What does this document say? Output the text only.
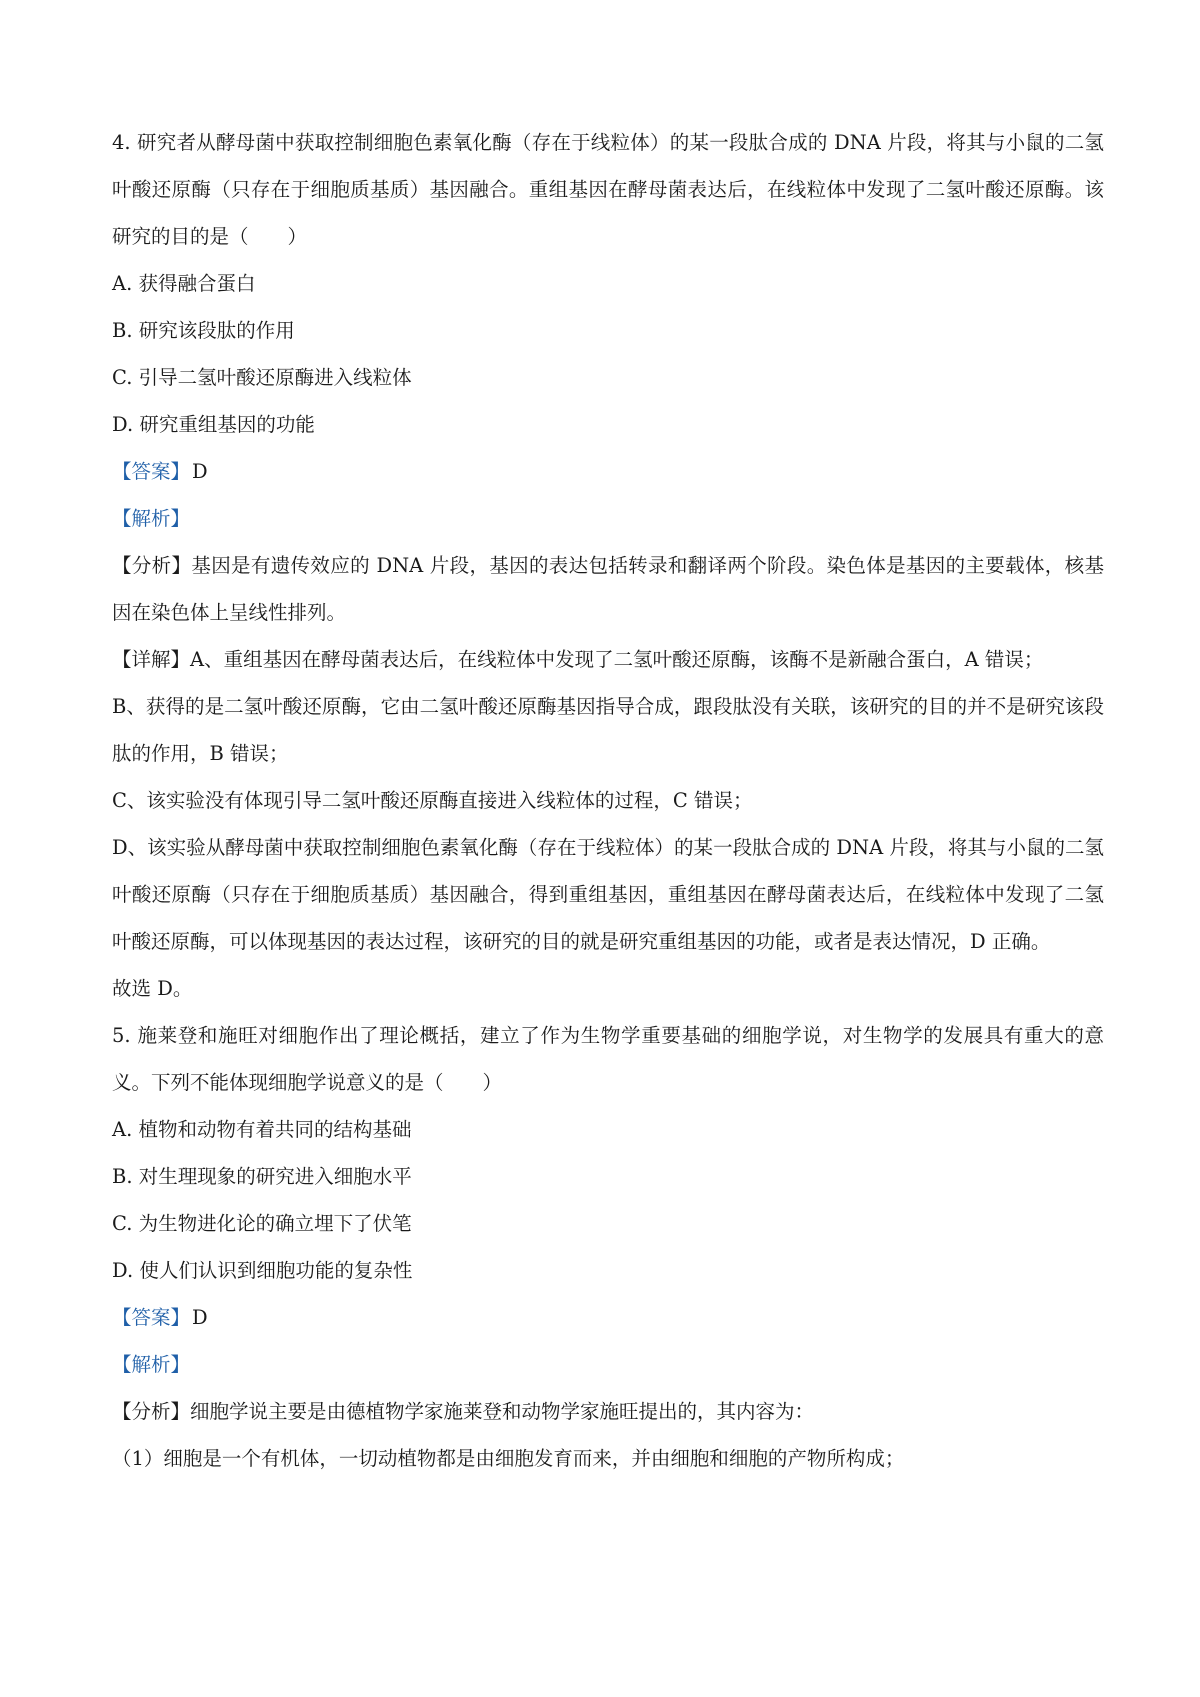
4. 研究者从酵母菌中获取控制细胞色素氧化酶（存在于线粒体）的某一段肽合成的 DNA 片段，将其与小鼠的二氢叶酸还原酶（只存在于细胞质基质）基因融合。重组基因在酵母菌表达后，在线粒体中发现了二氢叶酸还原酶。该研究的目的是（　　）
A. 获得融合蛋白
B. 研究该段肽的作用
C. 引导二氢叶酸还原酶进入线粒体
D. 研究重组基因的功能
【答案】 D
【解析】
【分析】基因是有遗传效应的 DNA 片段，基因的表达包括转录和翻译两个阶段。染色体是基因的主要载体，核基因在染色体上呈线性排列。
【详解】A、重组基因在酵母菌表达后，在线粒体中发现了二氢叶酸还原酶，该酶不是新融合蛋白，A 错误；
B、获得的是二氢叶酸还原酶，它由二氢叶酸还原酶基因指导合成，跟段肽没有关联，该研究的目的并不是研究该段肽的作用，B 错误；
C、该实验没有体现引导二氢叶酸还原酶直接进入线粒体的过程，C 错误；
D、该实验从酵母菌中获取控制细胞色素氧化酶（存在于线粒体）的某一段肽合成的 DNA 片段，将其与小鼠的二氢叶酸还原酶（只存在于细胞质基质）基因融合，得到重组基因，重组基因在酵母菌表达后，在线粒体中发现了二氢叶酸还原酶，可以体现基因的表达过程，该研究的目的就是研究重组基因的功能，或者是表达情况，D 正确。
故选 D。
5. 施莱登和施旺对细胞作出了理论概括，建立了作为生物学重要基础的细胞学说，对生物学的发展具有重大的意义。下列不能体现细胞学说意义的是（　　）
A. 植物和动物有着共同的结构基础
B. 对生理现象的研究进入细胞水平
C. 为生物进化论的确立埋下了伏笔
D. 使人们认识到细胞功能的复杂性
【答案】 D
【解析】
【分析】细胞学说主要是由德植物学家施莱登和动物学家施旺提出的，其内容为：
（1）细胞是一个有机体，一切动植物都是由细胞发育而来，并由细胞和细胞的产物所构成；
